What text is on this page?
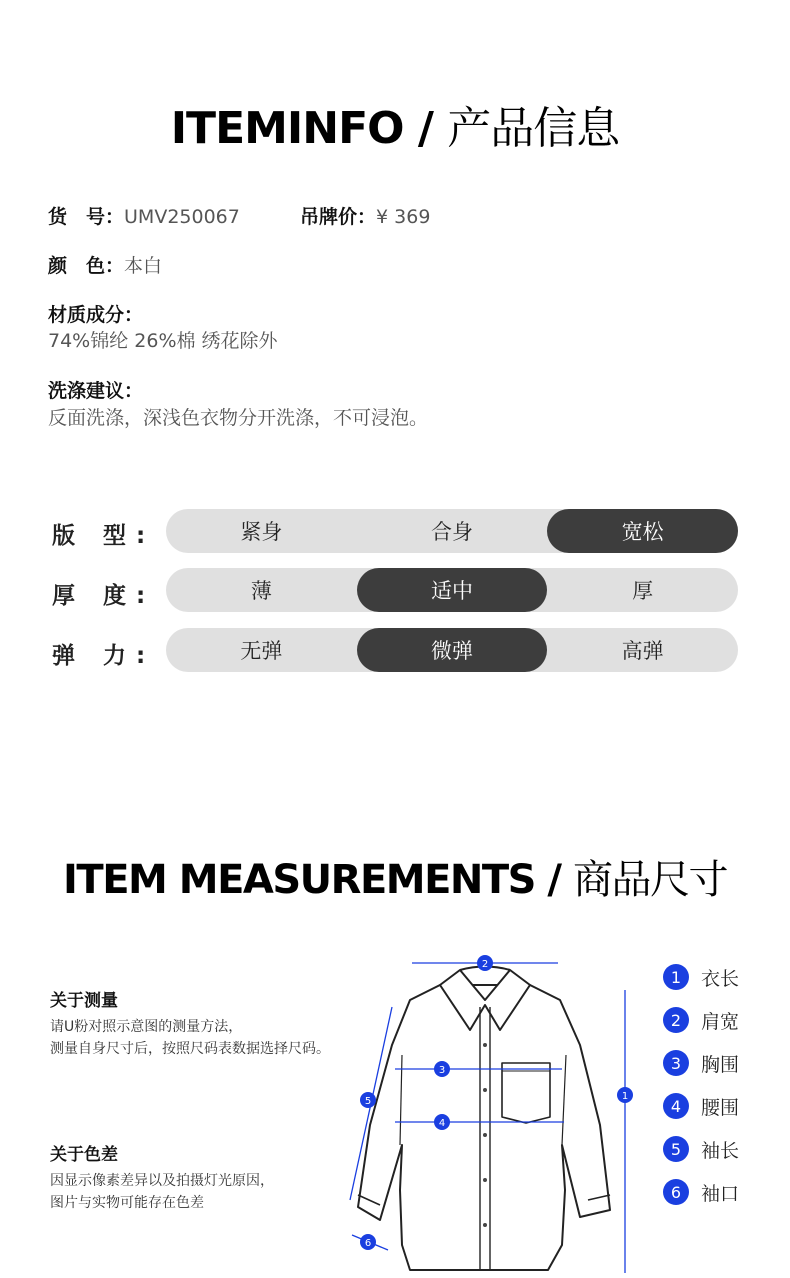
ITEMINFO / 产品信息
货　号： UMV250067	吊牌价： ¥ 369
颜　色： 本白
材质成分：
74%锦纶 26%棉 绣花除外
洗涤建议：
反面洗涤，深浅色衣物分开洗涤，不可浸泡。
版 型:	紧身	合身	宽松
厚 度:	薄	适中	厚
弹 力:	无弹	微弹	高弹
ITEM MEASUREMENTS / 商品尺寸
关于测量
请U粉对照示意图的测量方法，
测量自身尺寸后，按照尺码表数据选择尺码。
关于色差
因显示像素差异以及拍摄灯光原因，
图片与实物可能存在色差
2
3
4
1
5
6
1	衣长
2	肩宽
3	胸围
4	腰围
5	袖长
6	袖口
